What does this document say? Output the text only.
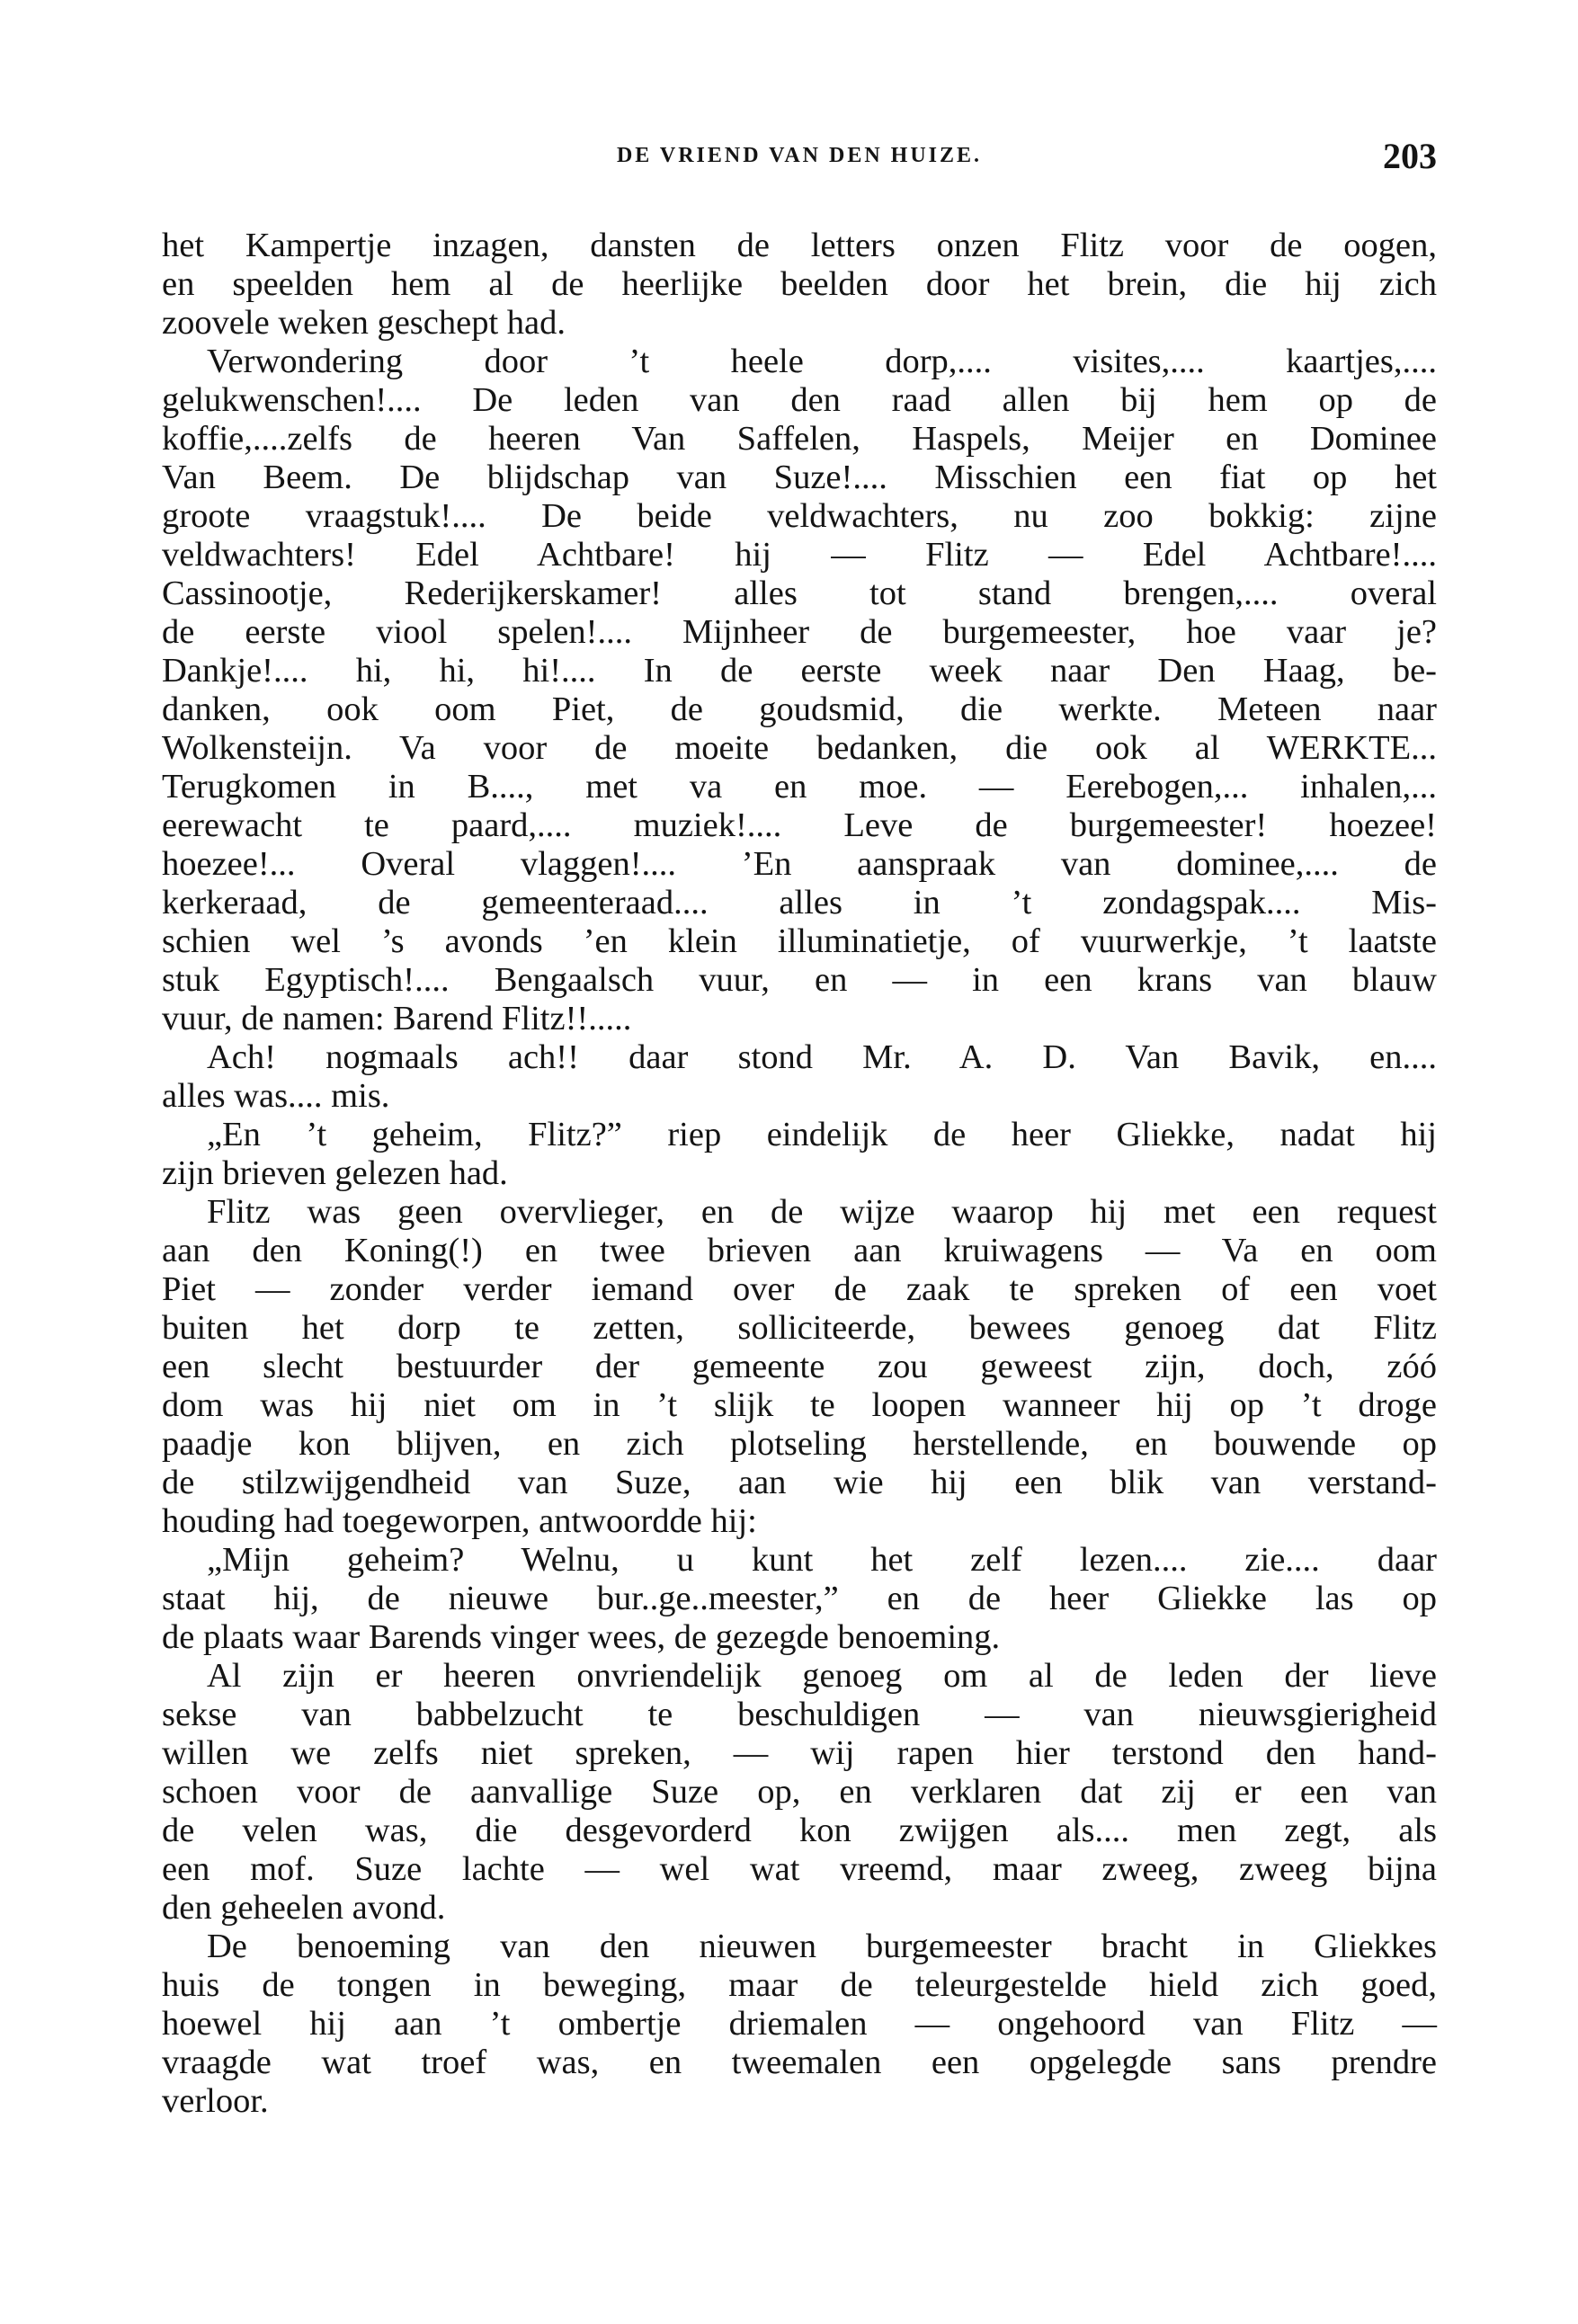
DE VRIEND VAN DEN HUIZE.	203
het Kampertje inzagen, dansten de letters onzen Flitz voor de oogen,
en speelden hem al de heerlijke beelden door het brein, die hij zich
zoovele weken geschept had.
Verwondering door ’t heele dorp,.... visites,.... kaartjes,....
gelukwenschen!.... De leden van den raad allen bij hem op de
koffie,....zelfs de heeren Van Saffelen, Haspels, Meijer en Dominee
Van Beem. De blijdschap van Suze!.... Misschien een fiat op het
groote vraagstuk!.... De beide veldwachters, nu zoo bokkig: zijne
veldwachters! Edel Achtbare! hij — Flitz — Edel Achtbare!....
Cassinootje, Rederijkerskamer! alles tot stand brengen,.... overal
de eerste viool spelen!.... Mijnheer de burgemeester, hoe vaar je?
Dankje!.... hi, hi, hi!.... In de eerste week naar Den Haag, be-
danken, ook oom Piet, de goudsmid, die werkte. Meteen naar
Wolkensteijn. Va voor de moeite bedanken, die ook al WERKTE...
Terugkomen in B...., met va en moe. — Eerebogen,... inhalen,...
eerewacht te paard,.... muziek!.... Leve de burgemeester! hoezee!
hoezee!... Overal vlaggen!.... ’En aanspraak van dominee,.... de
kerkeraad, de gemeenteraad.... alles in ’t zondagspak.... Mis-
schien wel ’s avonds ’en klein illuminatietje, of vuurwerkje, ’t laatste
stuk Egyptisch!.... Bengaalsch vuur, en — in een krans van blauw
vuur, de namen: Barend Flitz!!.....
Ach! nogmaals ach!! daar stond Mr. A. D. Van Bavik, en....
alles was.... mis.
„En ’t geheim, Flitz?” riep eindelijk de heer Gliekke, nadat hij
zijn brieven gelezen had.
Flitz was geen overvlieger, en de wijze waarop hij met een request
aan den Koning(!) en twee brieven aan kruiwagens — Va en oom
Piet — zonder verder iemand over de zaak te spreken of een voet
buiten het dorp te zetten, solliciteerde, bewees genoeg dat Flitz
een slecht bestuurder der gemeente zou geweest zijn, doch, zóó
dom was hij niet om in ’t slijk te loopen wanneer hij op ’t droge
paadje kon blijven, en zich plotseling herstellende, en bouwende op
de stilzwijgendheid van Suze, aan wie hij een blik van verstand-
houding had toegeworpen, antwoordde hij:
„Mijn geheim? Welnu, u kunt het zelf lezen.... zie.... daar
staat hij, de nieuwe bur..ge..meester,” en de heer Gliekke las op
de plaats waar Barends vinger wees, de gezegde benoeming.
Al zijn er heeren onvriendelijk genoeg om al de leden der lieve
sekse van babbelzucht te beschuldigen — van nieuwsgierigheid
willen we zelfs niet spreken, — wij rapen hier terstond den hand-
schoen voor de aanvallige Suze op, en verklaren dat zij er een van
de velen was, die desgevorderd kon zwijgen als.... men zegt, als
een mof. Suze lachte — wel wat vreemd, maar zweeg, zweeg bijna
den geheelen avond.
De benoeming van den nieuwen burgemeester bracht in Gliekkes
huis de tongen in beweging, maar de teleurgestelde hield zich goed,
hoewel hij aan ’t ombertje driemalen — ongehoord van Flitz —
vraagde wat troef was, en tweemalen een opgelegde sans prendre
verloor.
